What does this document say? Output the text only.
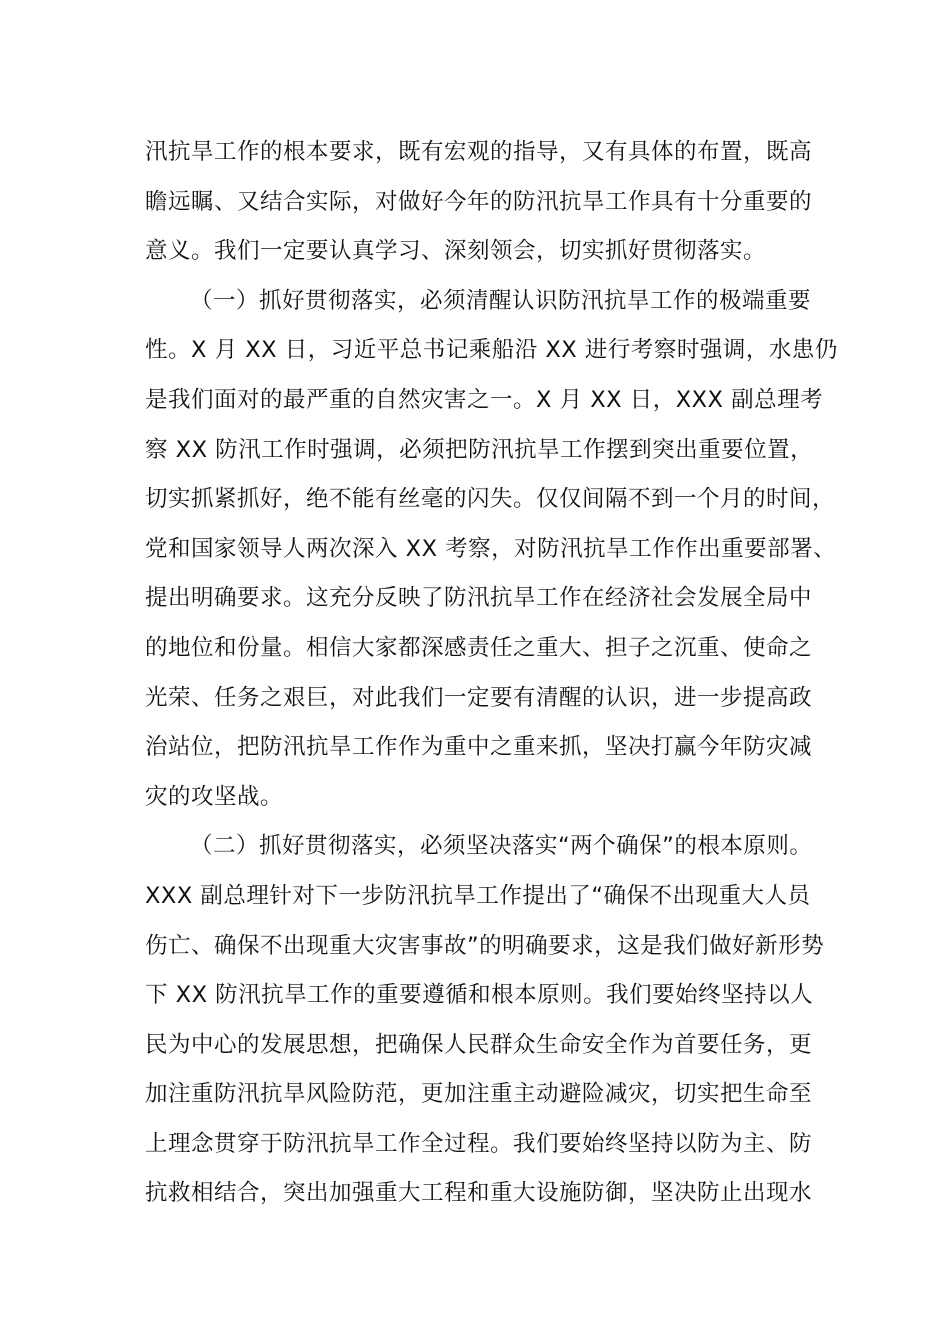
汛抗旱工作的根本要求，既有宏观的指导，又有具体的布置，既高
瞻远瞩、又结合实际，对做好今年的防汛抗旱工作具有十分重要的
意义。我们一定要认真学习、深刻领会，切实抓好贯彻落实。
（一）抓好贯彻落实，必须清醒认识防汛抗旱工作的极端重要
性。X 月 XX 日，习近平总书记乘船沿 XX 进行考察时强调，水患仍
是我们面对的最严重的自然灾害之一。X 月 XX 日，XXX 副总理考
察 XX 防汛工作时强调，必须把防汛抗旱工作摆到突出重要位置，
切实抓紧抓好，绝不能有丝毫的闪失。仅仅间隔不到一个月的时间，
党和国家领导人两次深入 XX 考察，对防汛抗旱工作作出重要部署、
提出明确要求。这充分反映了防汛抗旱工作在经济社会发展全局中
的地位和份量。相信大家都深感责任之重大、担子之沉重、使命之
光荣、任务之艰巨，对此我们一定要有清醒的认识，进一步提高政
治站位，把防汛抗旱工作作为重中之重来抓，坚决打赢今年防灾减
灾的攻坚战。
（二）抓好贯彻落实，必须坚决落实“两个确保”的根本原则。
XXX 副总理针对下一步防汛抗旱工作提出了“确保不出现重大人员
伤亡、确保不出现重大灾害事故”的明确要求，这是我们做好新形势
下 XX 防汛抗旱工作的重要遵循和根本原则。我们要始终坚持以人
民为中心的发展思想，把确保人民群众生命安全作为首要任务，更
加注重防汛抗旱风险防范，更加注重主动避险减灾，切实把生命至
上理念贯穿于防汛抗旱工作全过程。我们要始终坚持以防为主、防
抗救相结合，突出加强重大工程和重大设施防御，坚决防止出现水
